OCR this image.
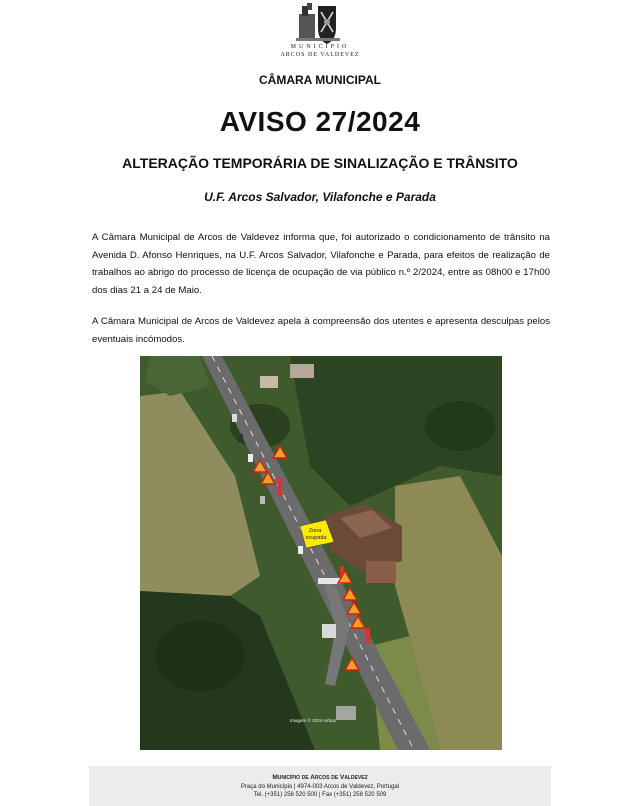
MUNICÍPIO
ARCOS DE VALDEVEZ
CÂMARA MUNICIPAL
AVISO 27/2024
ALTERAÇÃO TEMPORÁRIA DE SINALIZAÇÃO E TRÂNSITO
U.F. Arcos Salvador, Vilafonche e Parada
A Câmara Municipal de Arcos de Valdevez informa que, foi autorizado o condicionamento de trânsito na Avenida D. Afonso Henriques, na U.F. Arcos Salvador, Vilafonche e Parada, para efeitos de realização de trabalhos ao abrigo do processo de licença de ocupação de via público n.º 2/2024, entre as 08h00 e 17h00 dos dias 21 a 24 de Maio.
A Câmara Municipal de Arcos de Valdevez apela à compreensão dos utentes e apresenta desculpas pelos eventuais incómodos.
Zona
ocupada
Imagem © 2024 Airbus
Município de Arcos de Valdevez
Praça do Município | 4974-003 Arcos de Valdevez, Portugal
Tel. (+351) 258 520 500 | Fax (+351) 258 520 509
